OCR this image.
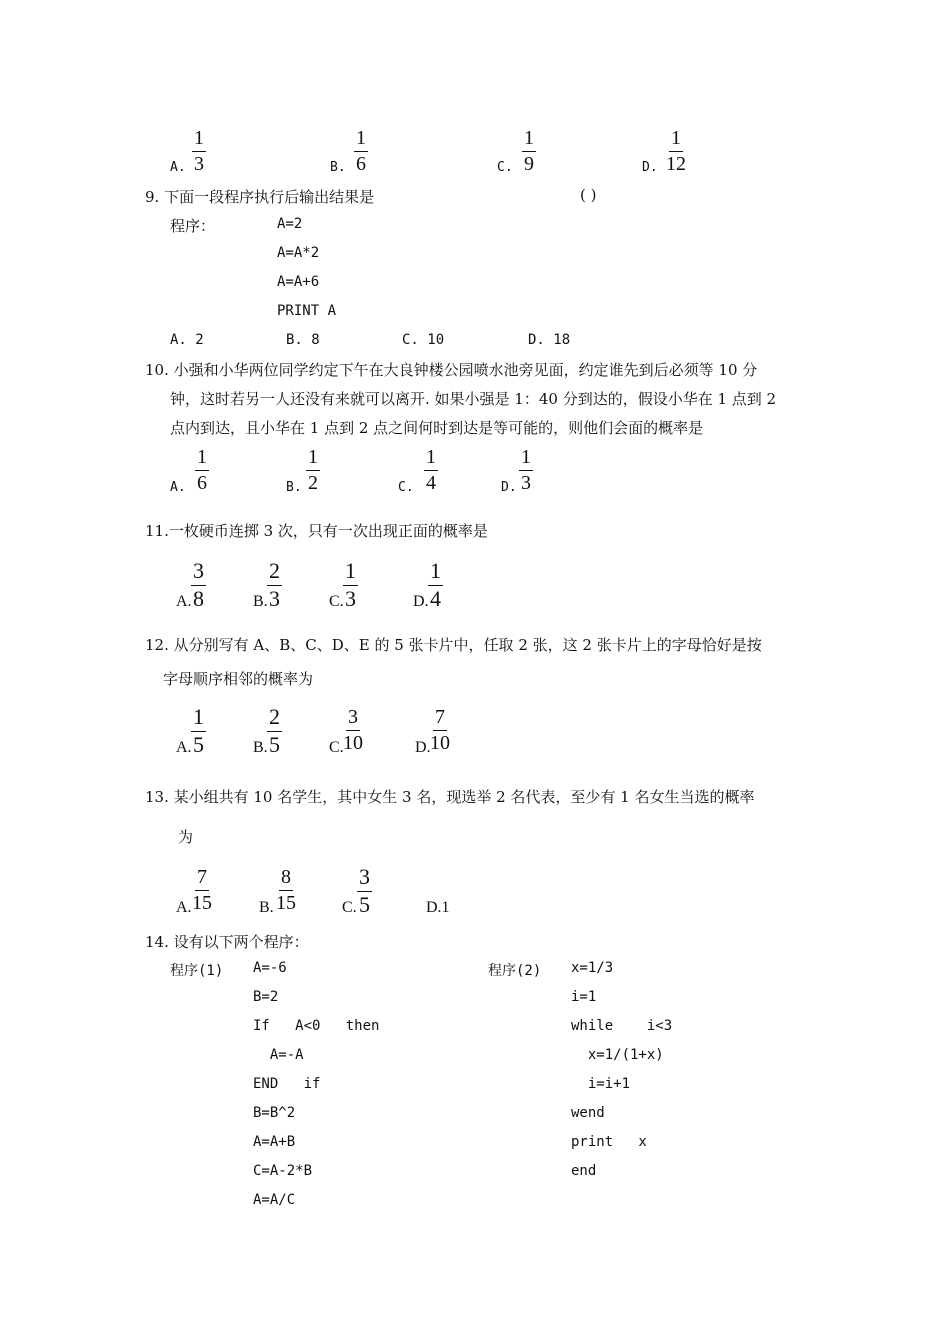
A. $\frac{1}{3}$	B. $\frac{1}{6}$	C. $\frac{1}{9}$	D. $\frac{1}{12}$
9. 下面一段程序执行后输出结果是	( )
程序：	A=2
A=A*2
A=A+6
PRINT A
A. 2	B. 8	C. 10	D. 18
10. 小强和小华两位同学约定下午在大良钟楼公园喷水池旁见面，约定谁先到后必须等 10 分
钟，这时若另一人还没有来就可以离开. 如果小强是 1：40 分到达的，假设小华在 1 点到 2
点内到达，且小华在 1 点到 2 点之间何时到达是等可能的，则他们会面的概率是
A. $\frac{1}{6}$	B. $\frac{1}{2}$	C. $\frac{1}{4}$	D. $\frac{1}{3}$
11.一枚硬币连掷 3 次，只有一次出现正面的概率是
A. $\frac{3}{8}$	B. $\frac{2}{3}$	C. $\frac{1}{3}$	D. $\frac{1}{4}$
12. 从分别写有 A、B、C、D、E 的 5 张卡片中，任取 2 张，这 2 张卡片上的字母恰好是按
字母顺序相邻的概率为
A. $\frac{1}{5}$	B. $\frac{2}{5}$	C. $\frac{3}{10}$	D. $\frac{7}{10}$
13. 某小组共有 10 名学生，其中女生 3 名，现选举 2 名代表，至少有 1 名女生当选的概率
为
A. $\frac{7}{15}$	B. $\frac{8}{15}$	C. $\frac{3}{5}$	D.1
14. 设有以下两个程序：
程序(1) A=-6
B=2
If   A<0   then
A=-A
END   if
B=B^2
A=A+B
C=A-2*B
A=A/C
程序(2) x=1/3
i=1
while    i<3
x=1/(1+x)
i=i+1
wend
print   x
end
